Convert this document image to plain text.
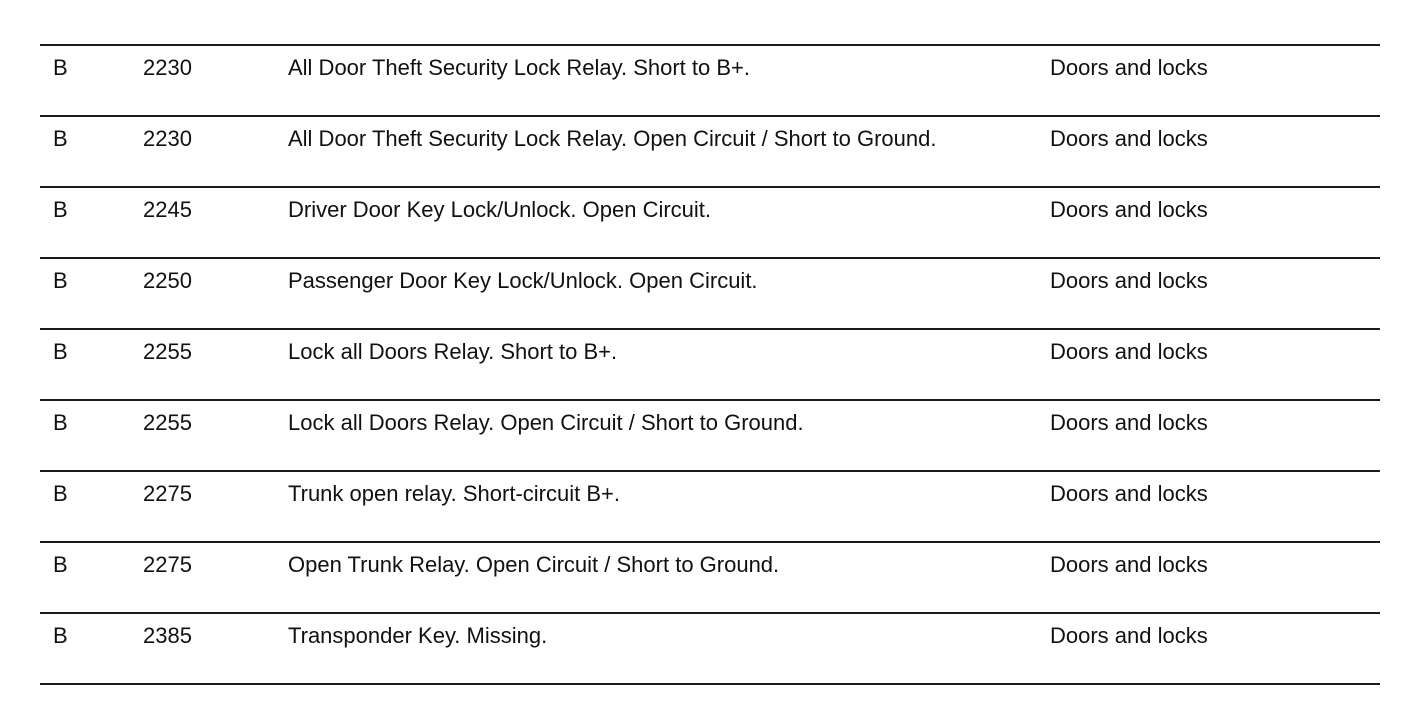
B	2230	All Door Theft Security Lock Relay. Short to B+.	Doors and locks
B	2230	All Door Theft Security Lock Relay. Open Circuit / Short to Ground.	Doors and locks
B	2245	Driver Door Key Lock/Unlock. Open Circuit.	Doors and locks
B	2250	Passenger Door Key Lock/Unlock. Open Circuit.	Doors and locks
B	2255	Lock all Doors Relay. Short to B+.	Doors and locks
B	2255	Lock all Doors Relay. Open Circuit / Short to Ground.	Doors and locks
B	2275	Trunk open relay. Short-circuit B+.	Doors and locks
B	2275	Open Trunk Relay. Open Circuit / Short to Ground.	Doors and locks
B	2385	Transponder Key. Missing.	Doors and locks
